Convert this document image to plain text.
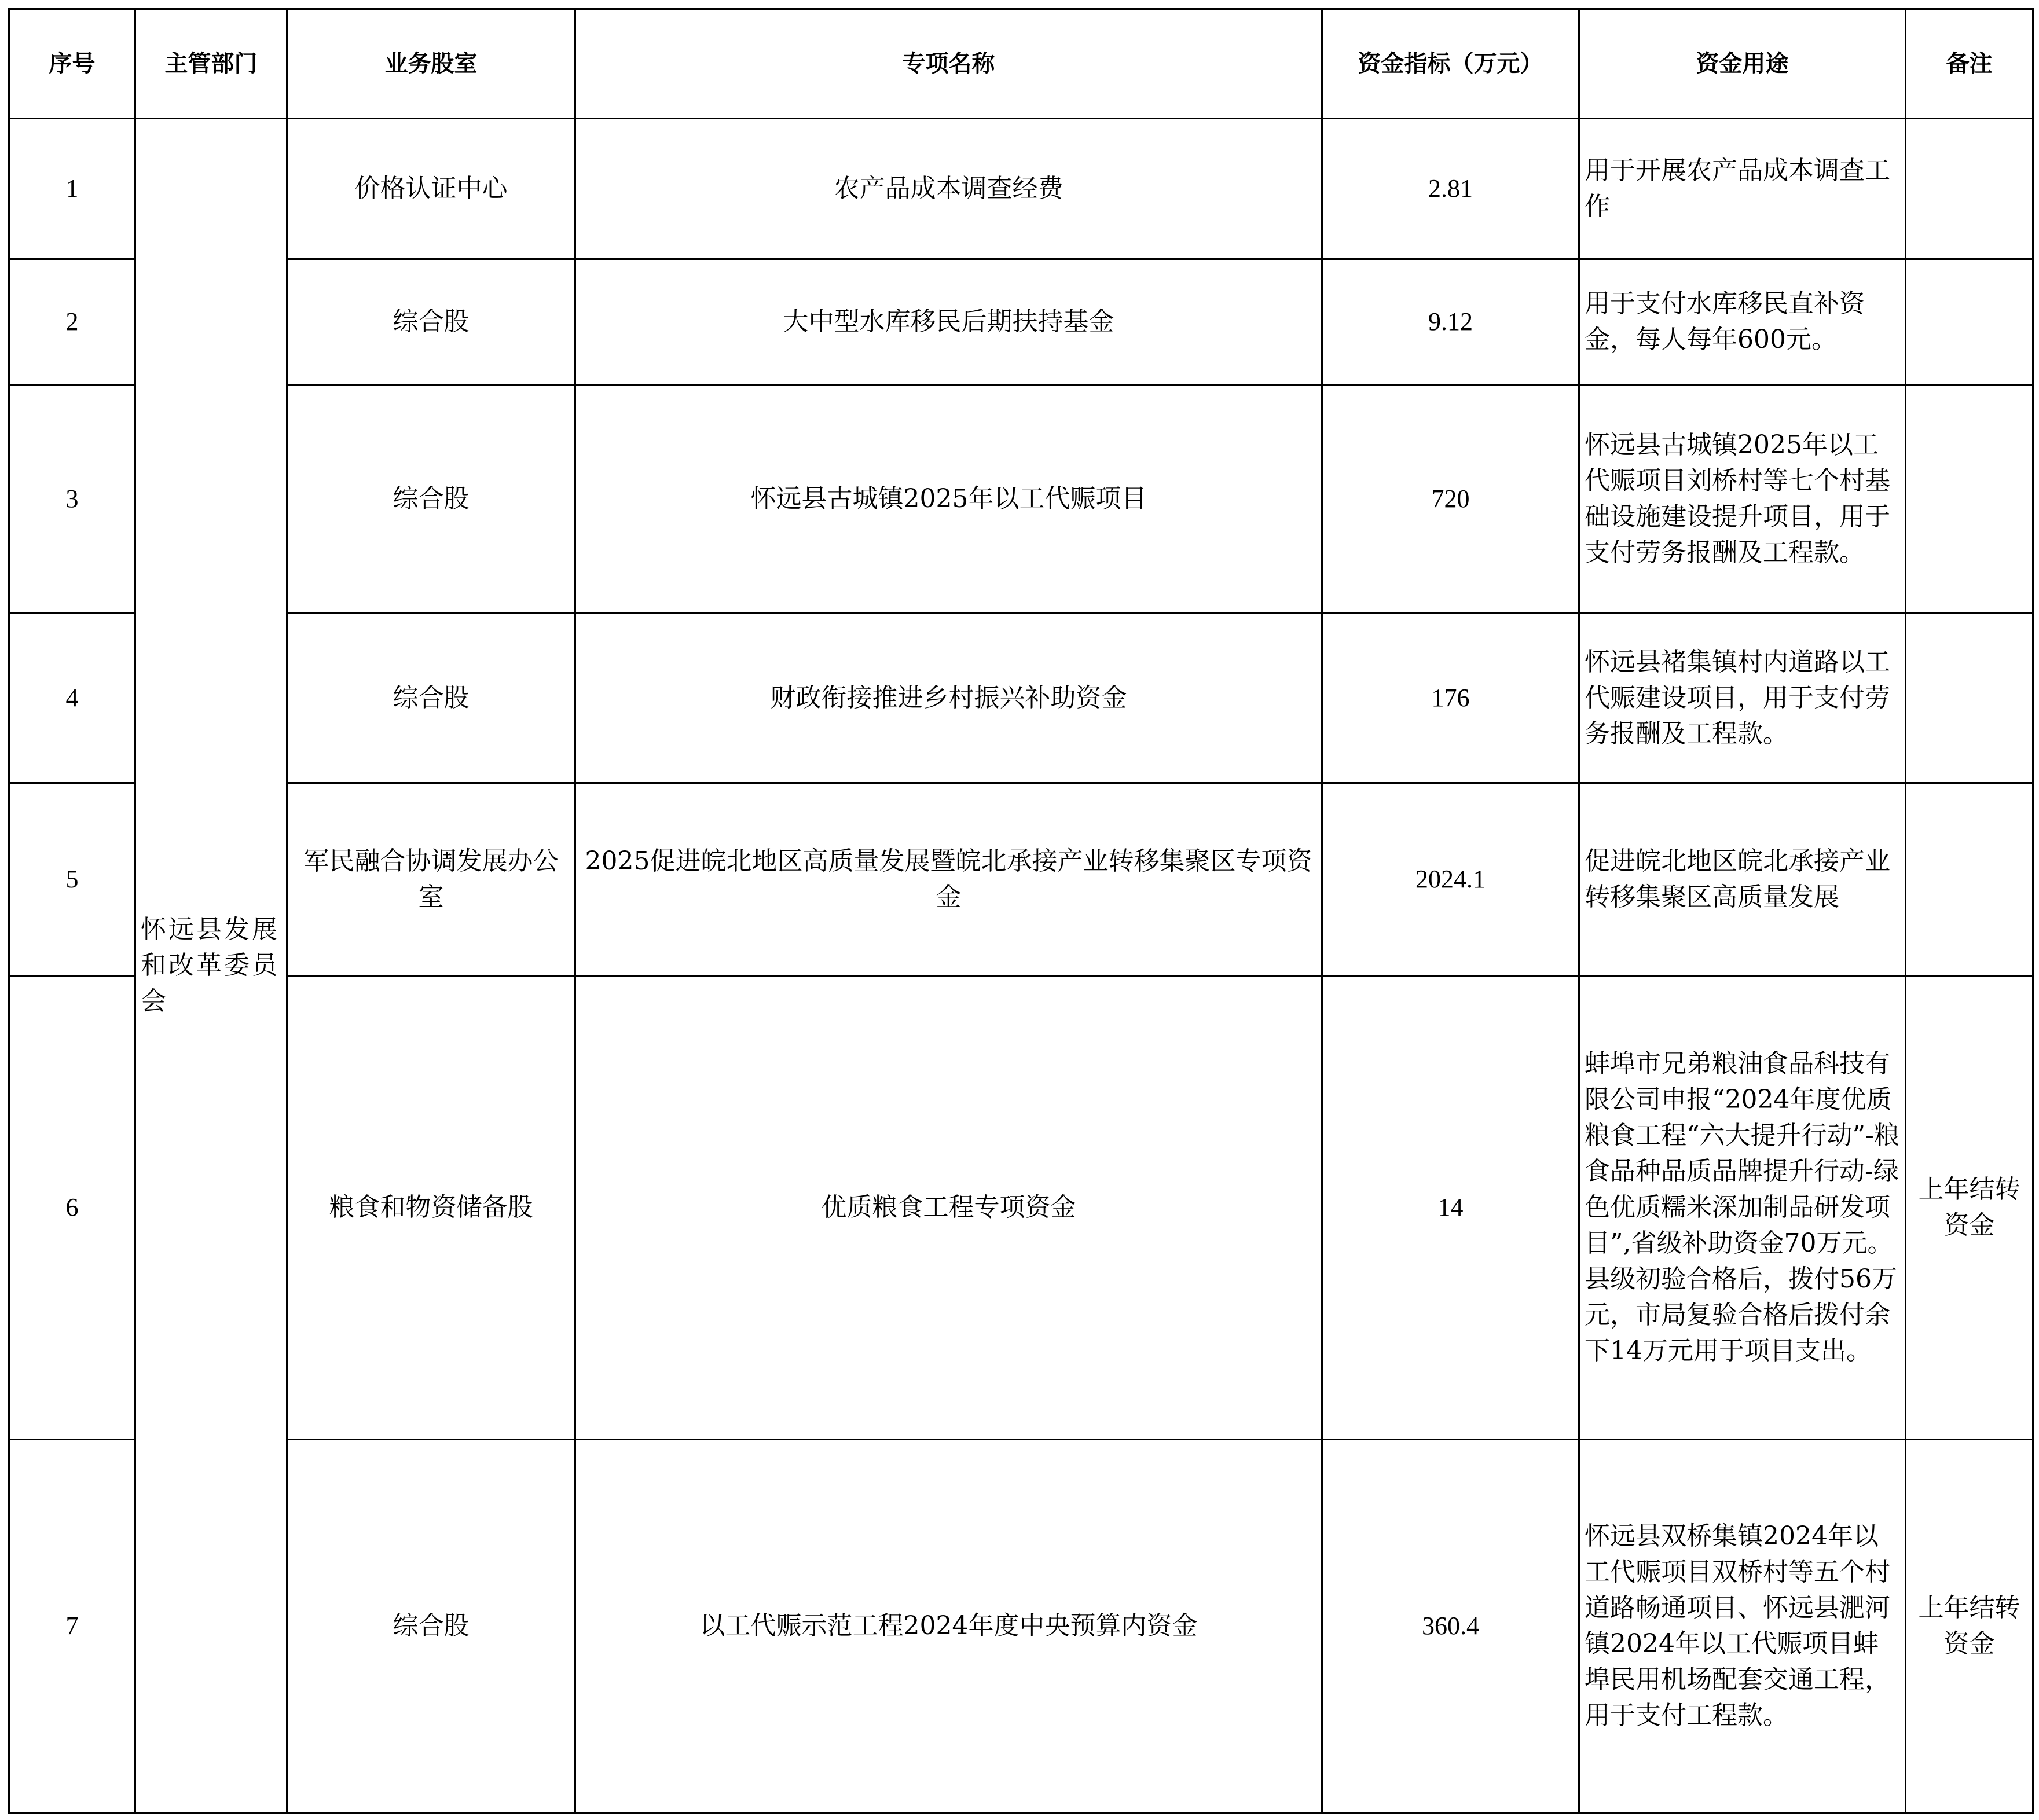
序号	主管部门	业务股室	专项名称	资金指标（万元）	资金用途	备注
1	怀远县发展和改革委员会	价格认证中心	农产品成本调查经费	2.81	用于开展农产品成本调查工作	
2		综合股	大中型水库移民后期扶持基金	9.12	用于支付水库移民直补资金，每人每年600元。	
3		综合股	怀远县古城镇2025年以工代赈项目	720	怀远县古城镇2025年以工代赈项目刘桥村等七个村基础设施建设提升项目，用于支付劳务报酬及工程款。	
4		综合股	财政衔接推进乡村振兴补助资金	176	怀远县褚集镇村内道路以工代赈建设项目，用于支付劳务报酬及工程款。	
5		军民融合协调发展办公室	2025促进皖北地区高质量发展暨皖北承接产业转移集聚区专项资金	2024.1	促进皖北地区皖北承接产业转移集聚区高质量发展	
6		粮食和物资储备股	优质粮食工程专项资金	14	蚌埠市兄弟粮油食品科技有限公司申报“2024年度优质粮食工程“六大提升行动”-粮食品种品质品牌提升行动-绿色优质糯米深加制品研发项目”,省级补助资金70万元。县级初验合格后，拨付56万元，市局复验合格后拨付余下14万元用于项目支出。	上年结转资金
7		综合股	以工代赈示范工程2024年度中央预算内资金	360.4	怀远县双桥集镇2024年以工代赈项目双桥村等五个村道路畅通项目、怀远县淝河镇2024年以工代赈项目蚌埠民用机场配套交通工程，用于支付工程款。	上年结转资金
